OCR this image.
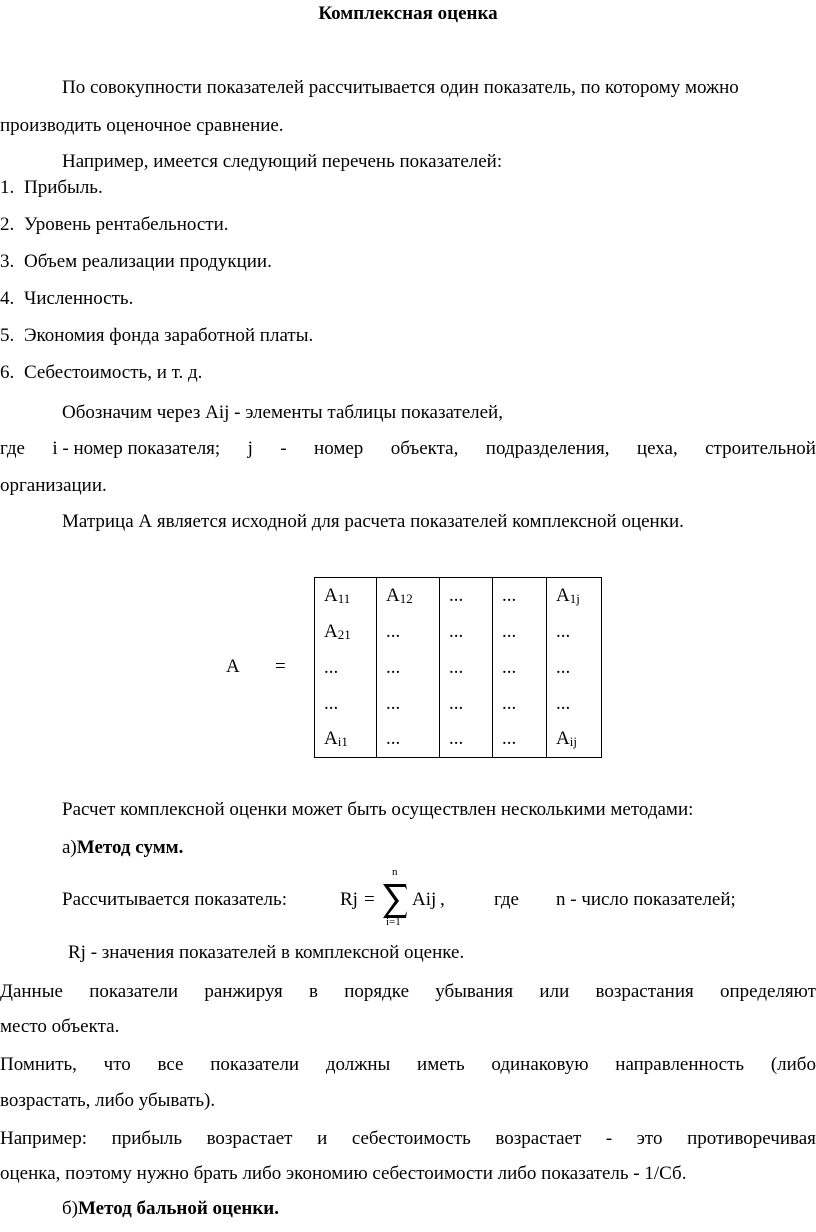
Комплексная оценка
По совокупности показателей рассчитывается один показатель, по которому можно
производить оценочное сравнение.
Например, имеется следующий перечень показателей:
1. Прибыль.
2. Уровень рентабельности.
3. Объем реализации продукции.
4. Численность.
5. Экономия фонда заработной платы.
6. Себестоимость, и т. д.
Обозначим через Aij - элементы таблицы показателей,
где i - номер показателя; j - номер объекта, подразделения, цеха, строительной
организации.
Матрица А является исходной для расчета показателей комплексной оценки.
A =
$A_{11}$	$A_{12}$	...	...	$A_{1j}$
$A_{21}$	...	...	...	...
...	...	...	...	...
...	...	...	...	...
$A_{i1}$	...	...	...	$A_{ij}$
Расчет комплексной оценки может быть осуществлен несколькими методами:
а)Метод сумм.
Рассчитывается показатель:	Rj =
n
i=1
Aij ,	где n - число показателей;
Rj - значения показателей в комплексной оценке.
Данные показатели ранжируя в порядке убывания или возрастания определяют
место объекта.
Помнить, что все показатели должны иметь одинаковую направленность (либо
возрастать, либо убывать).
Например: прибыль возрастает и себестоимость возрастает - это противоречивая
оценка, поэтому нужно брать либо экономию себестоимости либо показатель - 1/Сб.
б)Метод бальной оценки.
